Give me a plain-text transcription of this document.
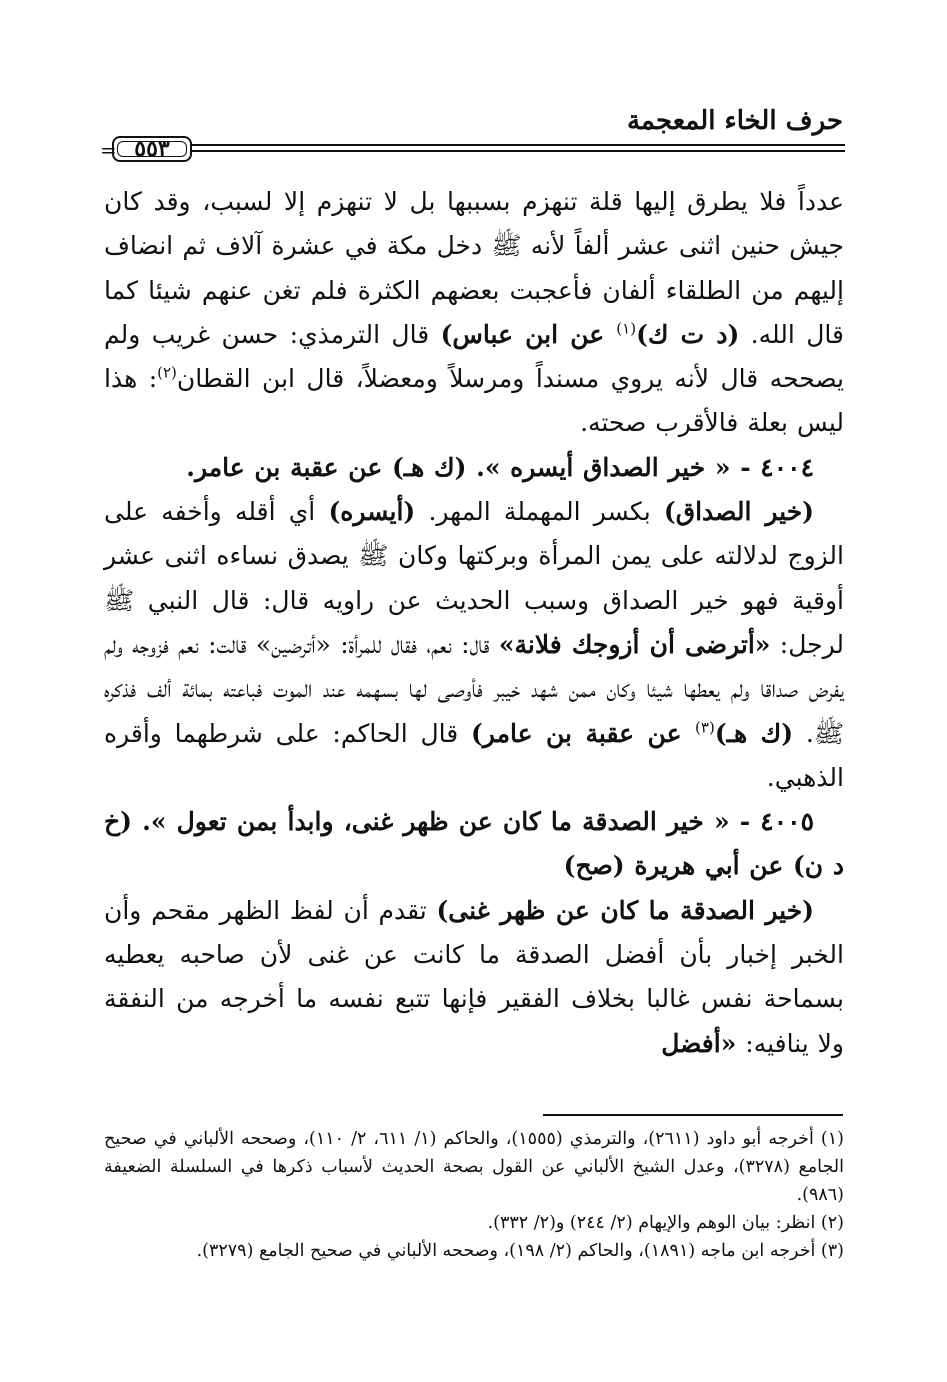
حرف الخاء المعجمة
= ٥٥٣

عدداً فلا يطرق إليها قلة تنهزم بسببها بل لا تنهزم إلا لسبب، وقد كان جيش حنين اثنى عشر ألفاً لأنه ﷺ دخل مكة في عشرة آلاف ثم انضاف إليهم من الطلقاء ألفان فأعجبت بعضهم الكثرة فلم تغن عنهم شيئا كما قال الله. (د ت ك)$^{(١)}$ عن ابن عباس) قال الترمذي: حسن غريب ولم يصححه قال لأنه يروي مسنداً ومرسلاً ومعضلاً، قال ابن القطان$^{(٢)}$: هذا ليس بعلة فالأقرب صحته.

٤٠٠٤ - « خير الصداق أيسره ». (ك هـ) عن عقبة بن عامر.

(خير الصداق) بكسر المهملة المهر. (أيسره) أي أقله وأخفه على الزوج لدلالته على يمن المرأة وبركتها وكان ﷺ يصدق نساءه اثنى عشر أوقية فهو خير الصداق وسبب الحديث عن راويه قال: قال النبي ﷺ لرجل: «أترضى أن أزوجك فلانة» قال: نعم، فقال للمرأة: «أترضين» قالت: نعم فزوجه ولم يفرض صداقا ولم يعطها شيئا وكان ممن شهد خيبر فأوصى لها بسهمه عند الموت فباعته بمائة ألف فذكره ﷺ. (ك هـ)$^{(٣)}$ عن عقبة بن عامر) قال الحاكم: على شرطهما وأقره الذهبي.

٤٠٠٥ - « خير الصدقة ما كان عن ظهر غنى، وابدأ بمن تعول ». (خ د ن) عن أبي هريرة (صح)

(خير الصدقة ما كان عن ظهر غنى) تقدم أن لفظ الظهر مقحم وأن الخبر إخبار بأن أفضل الصدقة ما كانت عن غنى لأن صاحبه يعطيه بسماحة نفس غالبا بخلاف الفقير فإنها تتبع نفسه ما أخرجه من النفقة ولا ينافيه: «أفضل

(١) أخرجه أبو داود (٢٦١١)، والترمذي (١٥٥٥)، والحاكم (١/ ٦١١، ٢/ ١١٠)، وصححه الألباني في صحيح الجامع (٣٢٧٨)، وعدل الشيخ الألباني عن القول بصحة الحديث لأسباب ذكرها في السلسلة الضعيفة (٩٨٦).

(٢) انظر: بيان الوهم والإيهام (٢/ ٢٤٤) و(٢/ ٣٣٢).

(٣) أخرجه ابن ماجه (١٨٩١)، والحاكم (٢/ ١٩٨)، وصححه الألباني في صحيح الجامع (٣٢٧٩).
